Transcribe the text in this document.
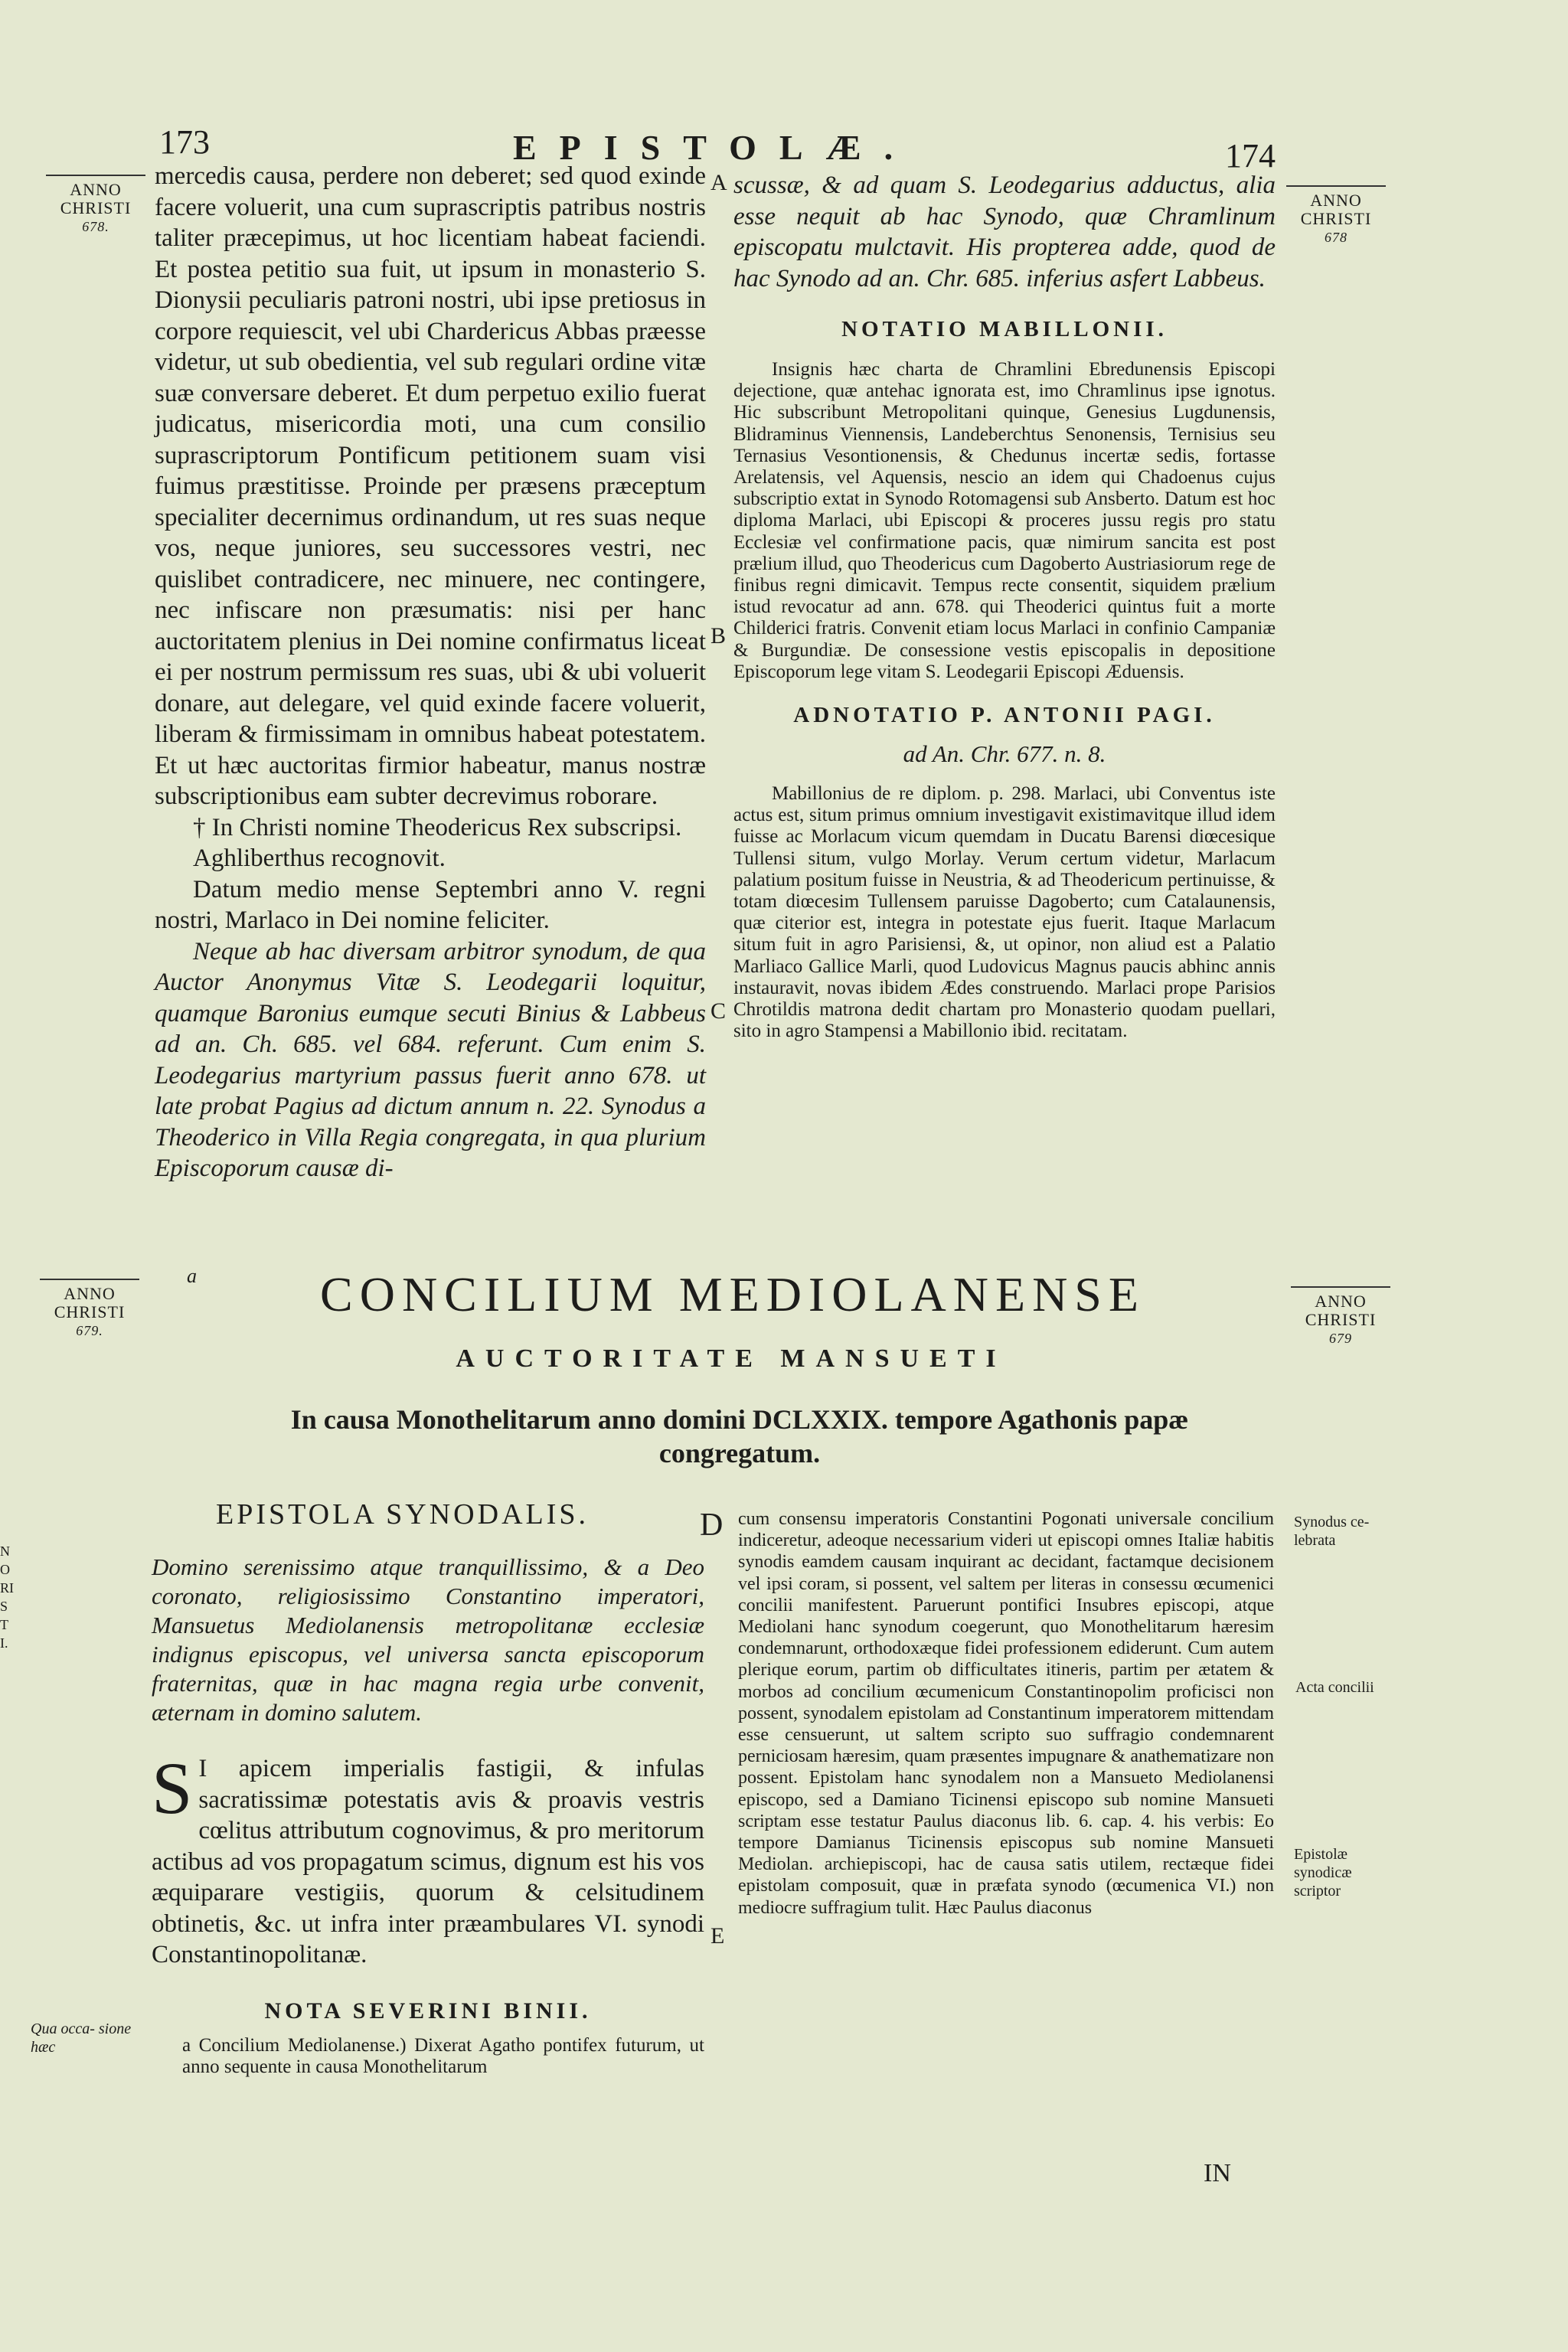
173	EPISTOLÆ.	174
ANNO
CHRISTI
678.
ANNO
CHRISTI
678
A
B
C

mercedis causa, perdere non deberet; sed quod exinde facere voluerit, una cum suprascriptis patribus nostris taliter præcepimus, ut hoc licentiam habeat faciendi. Et postea petitio sua fuit, ut ipsum in monasterio S. Dionysii peculiaris patroni nostri, ubi ipse pretiosus in corpore requiescit, vel ubi Chardericus Abbas præesse videtur, ut sub obedientia, vel sub regulari ordine vitæ suæ conversare deberet. Et dum perpetuo exilio fuerat judicatus, misericordia moti, una cum consilio suprascriptorum Pontificum petitionem suam visi fuimus præstitisse. Proinde per præsens præceptum specialiter decernimus ordinandum, ut res suas neque vos, neque juniores, seu successores vestri, nec quislibet contradicere, nec minuere, nec contingere, nec infiscare non præsumatis: nisi per hanc auctoritatem plenius in Dei nomine confirmatus liceat ei per nostrum permissum res suas, ubi & ubi voluerit donare, aut delegare, vel quid exinde facere voluerit, liberam & firmissimam in omnibus habeat potestatem. Et ut hæc auctoritas firmior habeatur, manus nostræ subscriptionibus eam subter decrevimus roborare.

† In Christi nomine Theodericus Rex subscripsi.

Aghliberthus recognovit.

Datum medio mense Septembri anno V. regni nostri, Marlaco in Dei nomine feliciter.

Neque ab hac diversam arbitror synodum, de qua Auctor Anonymus Vitæ S. Leodegarii loquitur, quamque Baronius eumque secuti Binius & Labbeus ad an. Ch. 685. vel 684. referunt. Cum enim S. Leodegarius martyrium passus fuerit anno 678. ut late probat Pagius ad dictum annum n. 22. Synodus a Theoderico in Villa Regia congregata, in qua plurium Episcoporum causæ di-

scussæ, & ad quam S. Leodegarius adductus, alia esse nequit ab hac Synodo, quæ Chramlinum episcopatu mulctavit. His propterea adde, quod de hac Synodo ad an. Chr. 685. inferius asfert Labbeus.
NOTATIO MABILLONII.
Insignis hæc charta de Chramlini Ebredunensis Episcopi dejectione, quæ antehac ignorata est, imo Chramlinus ipse ignotus. Hic subscribunt Metropolitani quinque, Genesius Lugdunensis, Blidraminus Viennensis, Landeberchtus Senonensis, Ternisius seu Ternasius Vesontionensis, & Chedunus incertæ sedis, fortasse Arelatensis, vel Aquensis, nescio an idem qui Chadoenus cujus subscriptio extat in Synodo Rotomagensi sub Ansberto. Datum est hoc diploma Marlaci, ubi Episcopi & proceres jussu regis pro statu Ecclesiæ vel confirmatione pacis, quæ nimirum sancita est post prælium illud, quo Theodericus cum Dagoberto Austriasiorum rege de finibus regni dimicavit. Tempus recte consentit, siquidem prælium istud revocatur ad ann. 678. qui Theoderici quintus fuit a morte Childerici fratris. Convenit etiam locus Marlaci in confinio Campaniæ & Burgundiæ. De consessione vestis episcopalis in depositione Episcoporum lege vitam S. Leodegarii Episcopi Æduensis.
ADNOTATIO P. ANTONII PAGI.
ad An. Chr. 677. n. 8.
Mabillonius de re diplom. p. 298. Marlaci, ubi Conventus iste actus est, situm primus omnium investigavit existimavitque illud idem fuisse ac Morlacum vicum quemdam in Ducatu Barensi diœcesique Tullensi situm, vulgo Morlay. Verum certum videtur, Marlacum palatium positum fuisse in Neustria, & ad Theodericum pertinuisse, & totam diœcesim Tullensem paruisse Dagoberto; cum Catalaunensis, quæ citerior est, integra in potestate ejus fuerit. Itaque Marlacum situm fuit in agro Parisiensi, &, ut opinor, non aliud est a Palatio Marliaco Gallice Marli, quod Ludovicus Magnus paucis abhinc annis instauravit, novas ibidem Ædes construendo. Marlaci prope Parisios Chrotildis matrona dedit chartam pro Monasterio quodam puellari, sito in agro Stampensi a Mabillonio ibid. recitatam.
ANNO
CHRISTI
679.
ANNO
CHRISTI
679
a	CONCILIUM MEDIOLANENSE
AUCTORITATE MANSUETI
In causa Monothelitarum anno domini DCLXXIX. tempore Agathonis papæ congregatum.
EPISTOLA SYNODALIS.
Domino serenissimo atque tranquillissimo, & a Deo coronato, religiosissimo Constantino imperatori, Mansuetus Mediolanensis metropolitanæ ecclesiæ indignus episcopus, vel universa sancta episcoporum fraternitas, quæ in hac magna regia urbe convenit, æternam in domino salutem.
S I apicem imperialis fastigii, & infulas sacratissimæ potestatis avis & proavis vestris cœlitus attributum cognovimus, & pro meritorum actibus ad vos propagatum scimus, dignum est his vos æquiparare vestigiis, quorum & celsitudinem obtinetis, &c. ut infra inter præambulares VI. synodi Constantinopolitanæ.
NOTA SEVERINI BINII.
a Concilium Mediolanense.) Dixerat Agatho pontifex futurum, ut anno sequente in causa Monothelitarum
Qua occa- sione hæc
NO RIST I.
D
E
cum consensu imperatoris Constantini Pogonati universale concilium indiceretur, adeoque necessarium videri ut episcopi omnes Italiæ habitis synodis eamdem causam inquirant ac decidant, factamque decisionem vel ipsi coram, si possent, vel saltem per literas in consessu œcumenici concilii manifestent. Paruerunt pontifici Insubres episcopi, atque Mediolani hanc synodum coegerunt, quo Monothelitarum hæresim condemnarunt, orthodoxæque fidei professionem ediderunt. Cum autem plerique eorum, partim ob difficultates itineris, partim per ætatem & morbos ad concilium œcumenicum Constantinopolim proficisci non possent, synodalem epistolam ad Constantinum imperatorem mittendam esse censuerunt, ut saltem scripto suo suffragio condemnarent perniciosam hæresim, quam præsentes impugnare & anathematizare non possent. Epistolam hanc synodalem non a Mansueto Mediolanensi episcopo, sed a Damiano Ticinensi episcopo sub nomine Mansueti scriptam esse testatur Paulus diaconus lib. 6. cap. 4. his verbis: Eo tempore Damianus Ticinensis episcopus sub nomine Mansueti Mediolan. archiepiscopi, hac de causa satis utilem, rectæque fidei epistolam composuit, quæ in præfata synodo (œcumenica VI.) non mediocre suffragium tulit. Hæc Paulus diaconus
Synodus ce- lebrata
Acta concilii
Epistolæ synodicæ scriptor
IN
